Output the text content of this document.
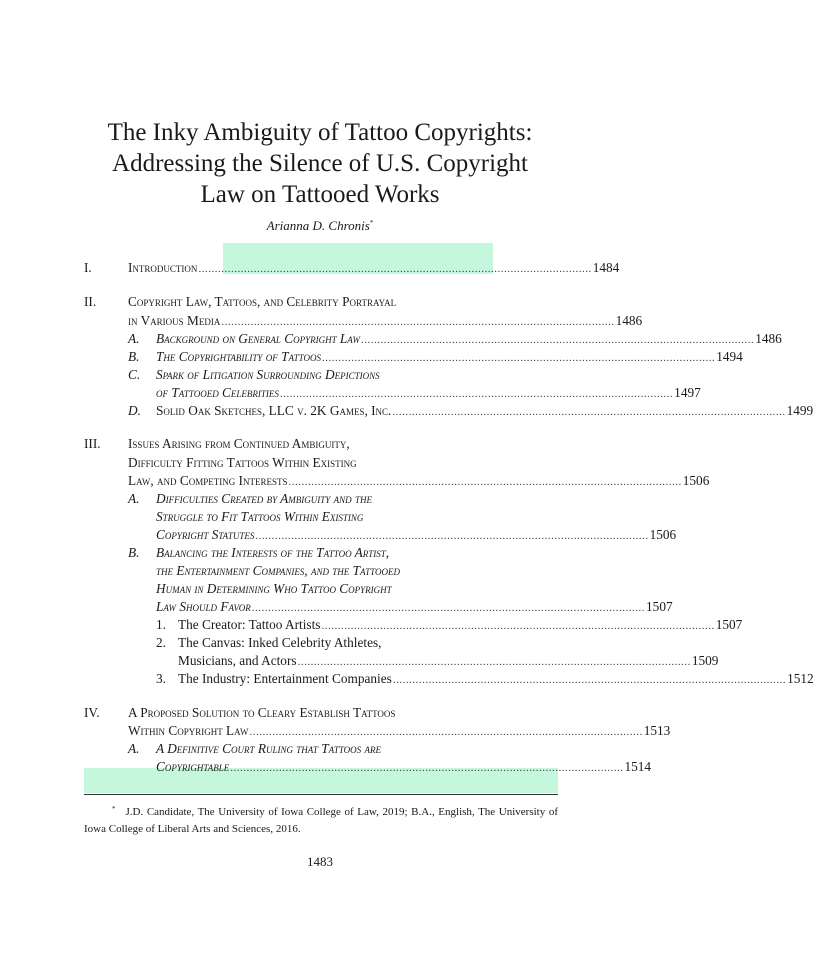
The Inky Ambiguity of Tattoo Copyrights:
Addressing the Silence of U.S. Copyright
Law on Tattooed Works
Arianna D. Chronis*
I.	Introduction ......................................................................................................................... 1484
II.	Copyright Law, Tattoos, and Celebrity Portrayal
in Various Media ......................................................................................................................... 1486
A.	Background on General Copyright Law ......................................................................................................................... 1486
B.	The Copyrightability of Tattoos ......................................................................................................................... 1494
C.	Spark of Litigation Surrounding Depictions
of Tattooed Celebrities ......................................................................................................................... 1497
D.	Solid Oak Sketches, LLC v. 2K Games, Inc. ......................................................................................................................... 1499
III.	Issues Arising from Continued Ambiguity,
Difficulty Fitting Tattoos Within Existing
Law, and Competing Interests ......................................................................................................................... 1506
A.	Difficulties Created by Ambiguity and the
Struggle to Fit Tattoos Within Existing
Copyright Statutes ......................................................................................................................... 1506
B.	Balancing the Interests of the Tattoo Artist,
the Entertainment Companies, and the Tattooed
Human in Determining Who Tattoo Copyright
Law Should Favor ......................................................................................................................... 1507
1. The Creator: Tattoo Artists ......................................................................................................................... 1507
2. The Canvas: Inked Celebrity Athletes,
Musicians, and Actors ......................................................................................................................... 1509
3. The Industry: Entertainment Companies ......................................................................................................................... 1512
IV.	A Proposed Solution to Cleary Establish Tattoos
Within Copyright Law ......................................................................................................................... 1513
A.	A Definitive Court Ruling that Tattoos are
Copyrightable ......................................................................................................................... 1514
* J.D. Candidate, The University of Iowa College of Law, 2019; B.A., English, The University of Iowa College of Liberal Arts and Sciences, 2016.
1483
